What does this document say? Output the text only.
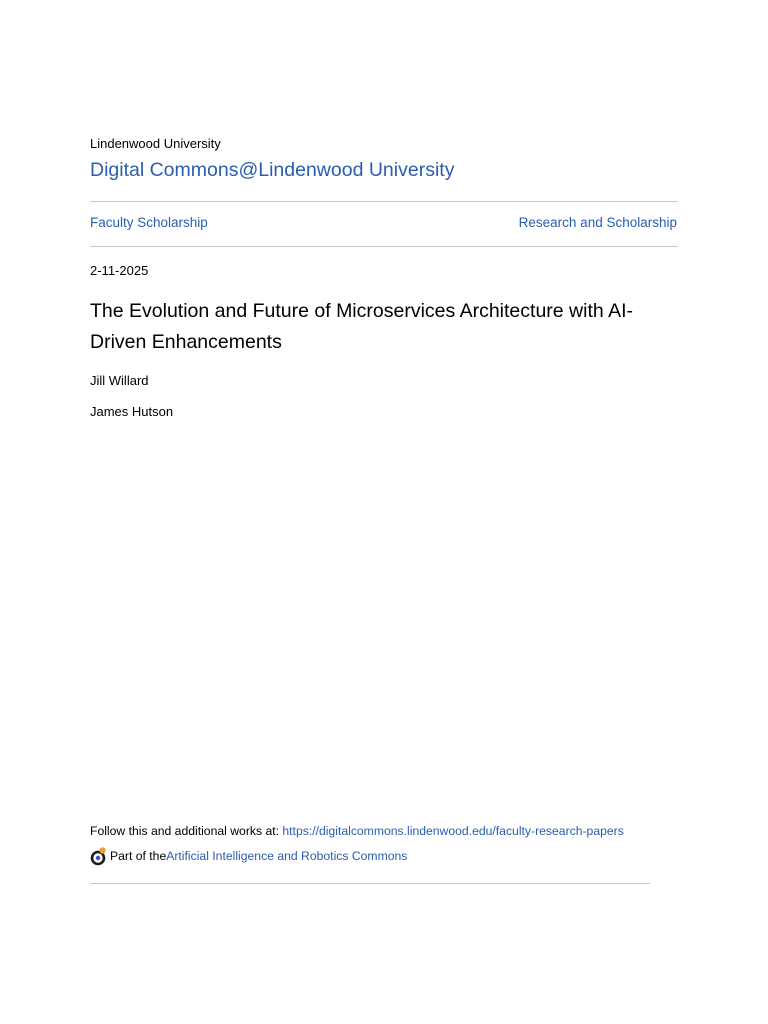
Lindenwood University
Digital Commons@Lindenwood University
Faculty Scholarship	Research and Scholarship
2-11-2025
The Evolution and Future of Microservices Architecture with AI-Driven Enhancements
Jill Willard
James Hutson
Follow this and additional works at: https://digitalcommons.lindenwood.edu/faculty-research-papers
Part of the Artificial Intelligence and Robotics Commons
